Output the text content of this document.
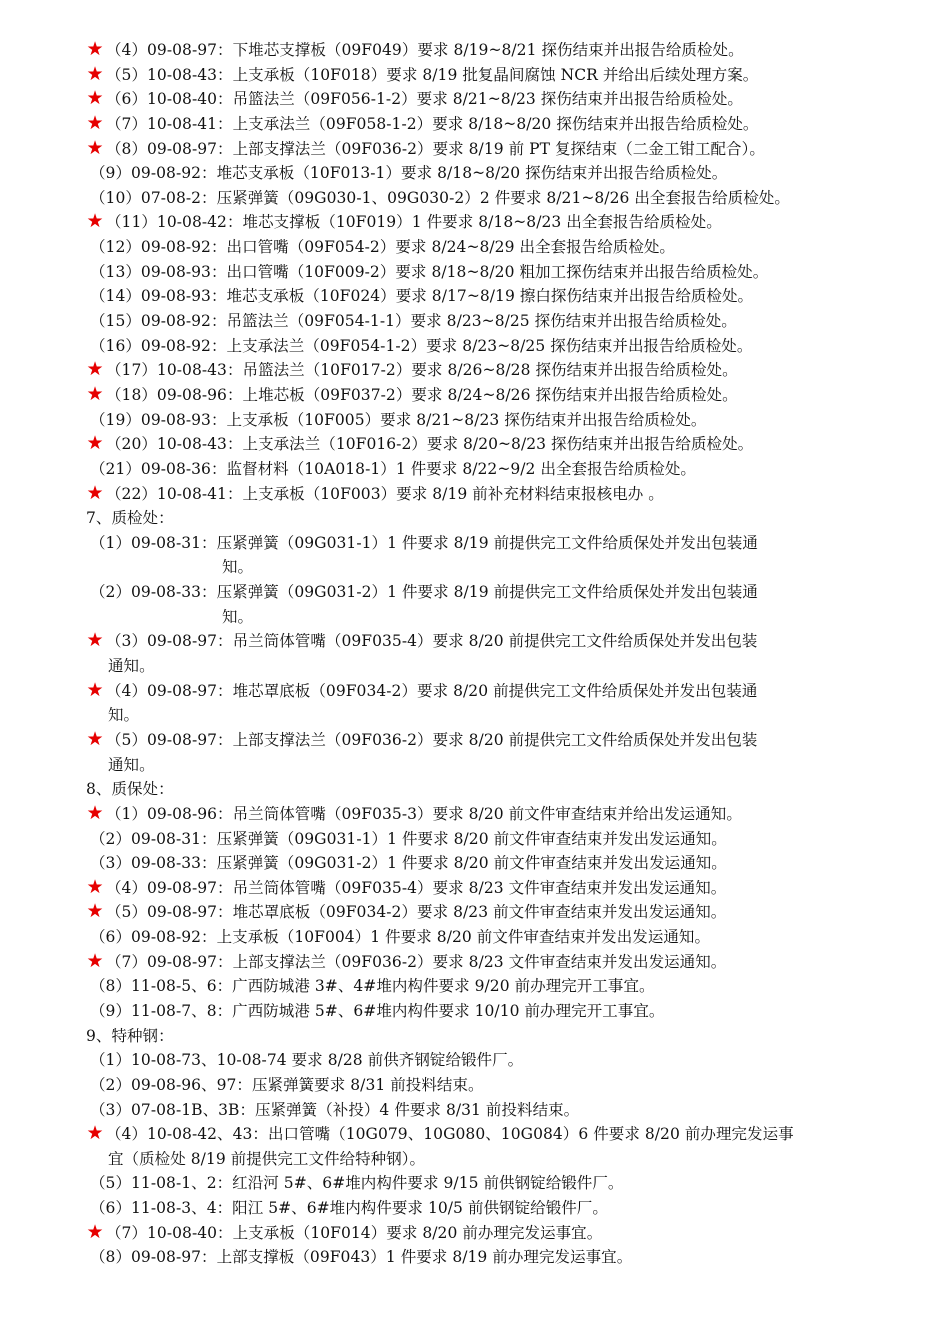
★ （4）09-08-97：下堆芯支撑板（09F049）要求 8/19~8/21 探伤结束并出报告给质检处。
★ （5）10-08-43：上支承板（10F018）要求 8/19 批复晶间腐蚀 NCR 并给出后续处理方案。
★ （6）10-08-40：吊篮法兰（09F056-1-2）要求 8/21~8/23 探伤结束并出报告给质检处。
★ （7）10-08-41：上支承法兰（09F058-1-2）要求 8/18~8/20 探伤结束并出报告给质检处。
★ （8）09-08-97：上部支撑法兰（09F036-2）要求 8/19 前 PT 复探结束（二金工钳工配合）。
（9）09-08-92：堆芯支承板（10F013-1）要求 8/18~8/20 探伤结束并出报告给质检处。
（10）07-08-2：压紧弹簧（09G030-1、09G030-2）2 件要求 8/21~8/26 出全套报告给质检处。
★ （11）10-08-42：堆芯支撑板（10F019）1 件要求 8/18~8/23 出全套报告给质检处。
（12）09-08-92：出口管嘴（09F054-2）要求 8/24~8/29 出全套报告给质检处。
（13）09-08-93：出口管嘴（10F009-2）要求 8/18~8/20 粗加工探伤结束并出报告给质检处。
（14）09-08-93：堆芯支承板（10F024）要求 8/17~8/19 擦白探伤结束并出报告给质检处。
（15）09-08-92：吊篮法兰（09F054-1-1）要求 8/23~8/25 探伤结束并出报告给质检处。
（16）09-08-92：上支承法兰（09F054-1-2）要求 8/23~8/25 探伤结束并出报告给质检处。
★ （17）10-08-43：吊篮法兰（10F017-2）要求 8/26~8/28 探伤结束并出报告给质检处。
★ （18）09-08-96：上堆芯板（09F037-2）要求 8/24~8/26 探伤结束并出报告给质检处。
（19）09-08-93：上支承板（10F005）要求 8/21~8/23 探伤结束并出报告给质检处。
★ （20）10-08-43：上支承法兰（10F016-2）要求 8/20~8/23 探伤结束并出报告给质检处。
（21）09-08-36：监督材料（10A018-1）1 件要求 8/22~9/2 出全套报告给质检处。
★ （22）10-08-41：上支承板（10F003）要求 8/19 前补充材料结束报核电办 。
7、质检处：
（1）09-08-31：压紧弹簧（09G031-1）1 件要求 8/19 前提供完工文件给质保处并发出包装通
知。
（2）09-08-33：压紧弹簧（09G031-2）1 件要求 8/19 前提供完工文件给质保处并发出包装通
知。
★ （3）09-08-97：吊兰筒体管嘴（09F035-4）要求 8/20 前提供完工文件给质保处并发出包装
通知。
★ （4）09-08-97：堆芯罩底板（09F034-2）要求 8/20 前提供完工文件给质保处并发出包装通
知。
★ （5）09-08-97：上部支撑法兰（09F036-2）要求 8/20 前提供完工文件给质保处并发出包装
通知。
8、质保处：
★ （1）09-08-96：吊兰筒体管嘴（09F035-3）要求 8/20 前文件审查结束并给出发运通知。
（2）09-08-31：压紧弹簧（09G031-1）1 件要求 8/20 前文件审查结束并发出发运通知。
（3）09-08-33：压紧弹簧（09G031-2）1 件要求 8/20 前文件审查结束并发出发运通知。
★ （4）09-08-97：吊兰筒体管嘴（09F035-4）要求 8/23 文件审查结束并发出发运通知。
★ （5）09-08-97：堆芯罩底板（09F034-2）要求 8/23 前文件审查结束并发出发运通知。
（6）09-08-92：上支承板（10F004）1 件要求 8/20 前文件审查结束并发出发运通知。
★ （7）09-08-97：上部支撑法兰（09F036-2）要求 8/23 文件审查结束并发出发运通知。
（8）11-08-5、6：广西防城港 3#、4#堆内构件要求 9/20 前办理完开工事宜。
（9）11-08-7、8：广西防城港 5#、6#堆内构件要求 10/10 前办理完开工事宜。
9、特种钢：
（1）10-08-73、10-08-74 要求 8/28 前供齐钢锭给锻件厂。
（2）09-08-96、97：压紧弹簧要求 8/31 前投料结束。
（3）07-08-1B、3B：压紧弹簧（补投）4 件要求 8/31 前投料结束。
★ （4）10-08-42、43：出口管嘴（10G079、10G080、10G084）6 件要求 8/20 前办理完发运事
宜（质检处 8/19 前提供完工文件给特种钢）。
（5）11-08-1、2：红沿河 5#、6#堆内构件要求 9/15 前供钢锭给锻件厂。
（6）11-08-3、4：阳江 5#、6#堆内构件要求 10/5 前供钢锭给锻件厂。
★ （7）10-08-40：上支承板（10F014）要求 8/20 前办理完发运事宜。
（8）09-08-97：上部支撑板（09F043）1 件要求 8/19 前办理完发运事宜。
